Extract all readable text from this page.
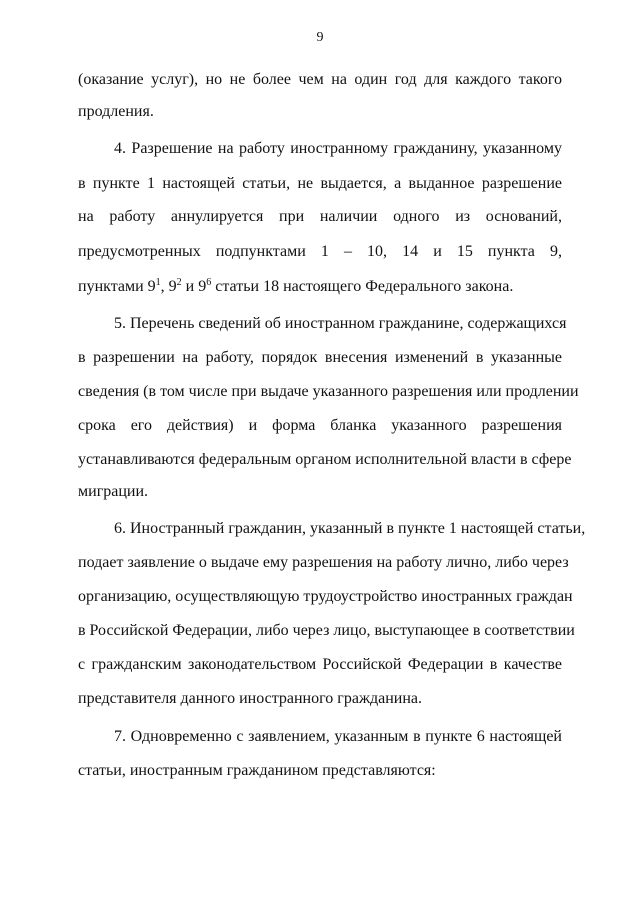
9
(оказание услуг), но не более чем на один год для каждого такого
продления.
4. Разрешение на работу иностранному гражданину, указанному
в пункте 1 настоящей статьи, не выдается, а выданное разрешение
на работу аннулируется при наличии одного из оснований,
предусмотренных подпунктами 1 – 10, 14 и 15 пункта 9,
пунктами $9^1$, $9^2$ и $9^6$ статьи 18 настоящего Федерального закона.
5. Перечень сведений об иностранном гражданине, содержащихся
в разрешении на работу, порядок внесения изменений в указанные
сведения (в том числе при выдаче указанного разрешения или продлении
срока его действия) и форма бланка указанного разрешения
устанавливаются федеральным органом исполнительной власти в сфере
миграции.
6. Иностранный гражданин, указанный в пункте 1 настоящей статьи,
подает заявление о выдаче ему разрешения на работу лично, либо через
организацию, осуществляющую трудоустройство иностранных граждан
в Российской Федерации, либо через лицо, выступающее в соответствии
с гражданским законодательством Российской Федерации в качестве
представителя данного иностранного гражданина.
7. Одновременно с заявлением, указанным в пункте 6 настоящей
статьи, иностранным гражданином представляются:
